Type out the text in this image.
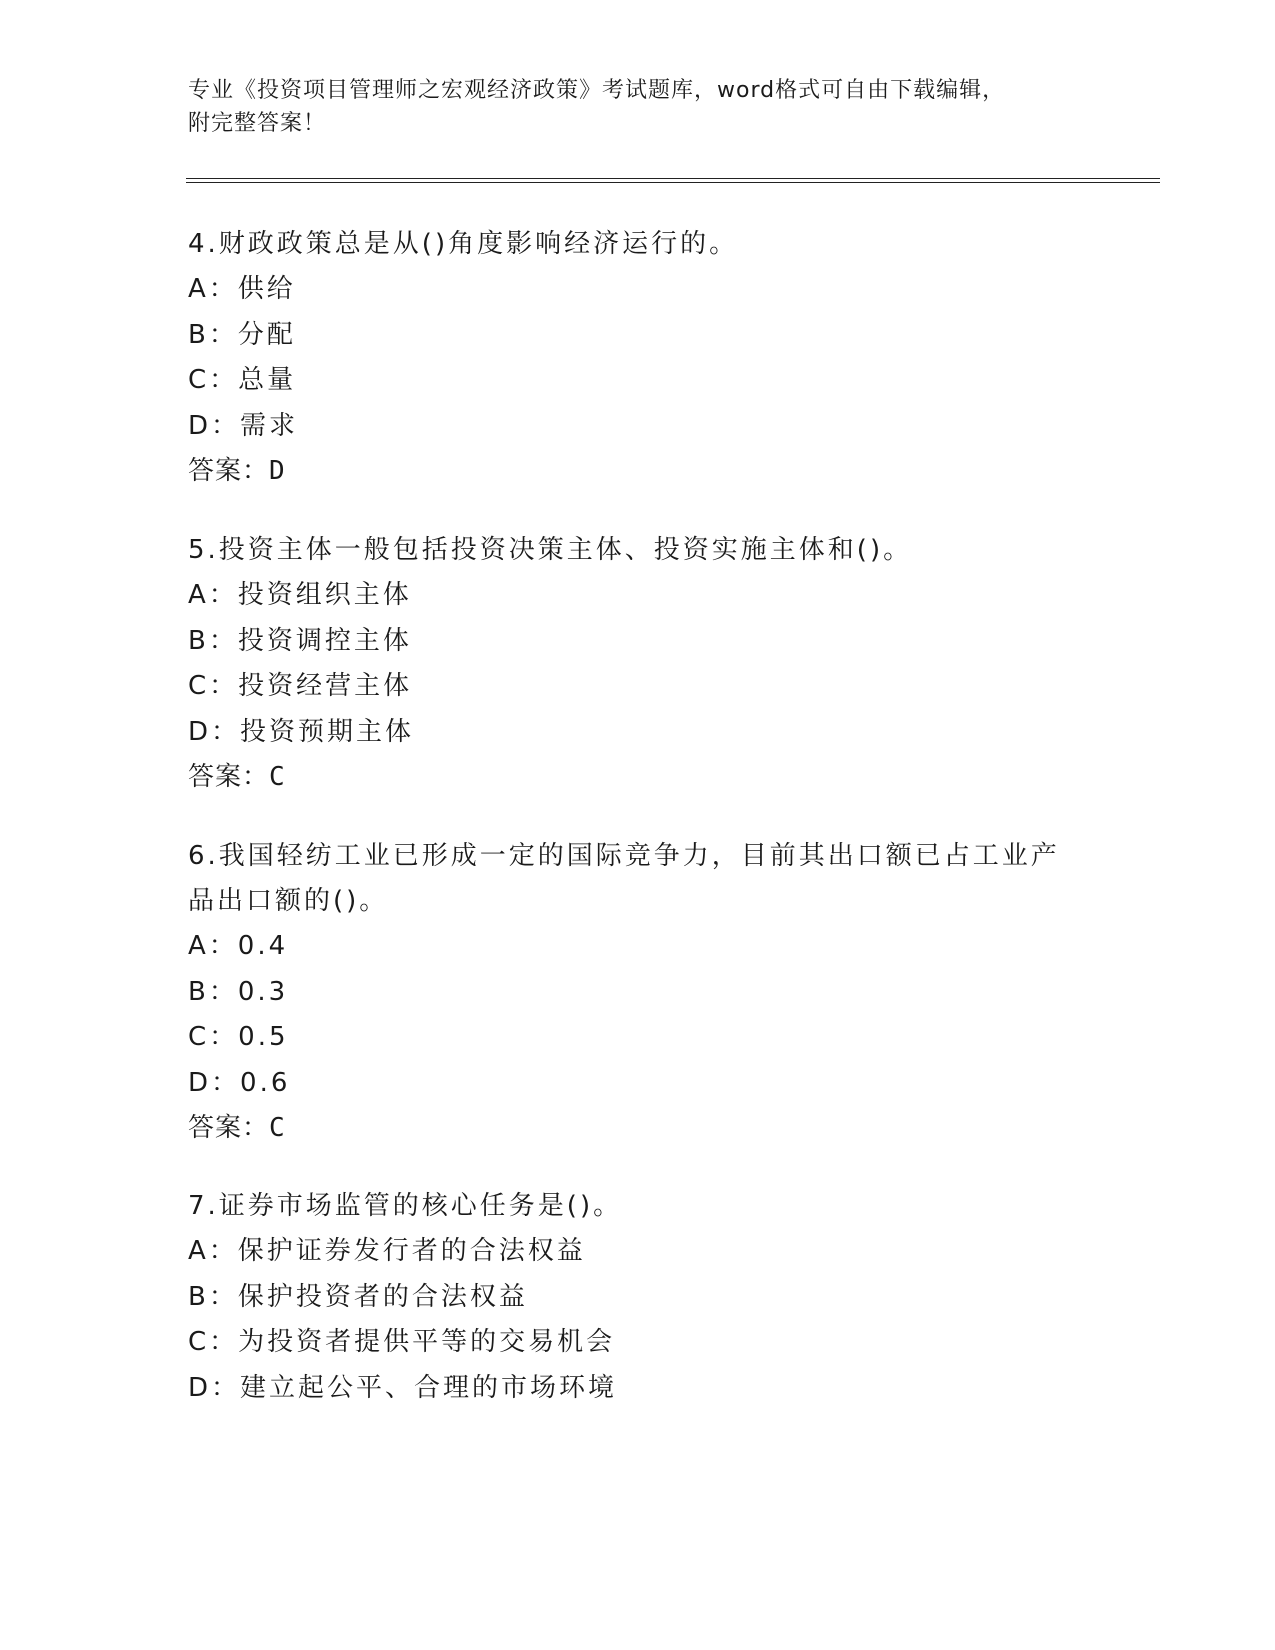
专业《投资项目管理师之宏观经济政策》考试题库，word格式可自由下载编辑，
附完整答案！

4.财政政策总是从()角度影响经济运行的。

A：供给

B：分配

C：总量

D：需求

答案：D

5.投资主体一般包括投资决策主体、投资实施主体和()。

A：投资组织主体

B：投资调控主体

C：投资经营主体

D：投资预期主体

答案：C

6.我国轻纺工业已形成一定的国际竞争力，目前其出口额已占工业产

品出口额的()。

A：0.4

B：0.3

C：0.5

D：0.6

答案：C

7.证券市场监管的核心任务是()。

A：保护证券发行者的合法权益

B：保护投资者的合法权益

C：为投资者提供平等的交易机会

D：建立起公平、合理的市场环境
